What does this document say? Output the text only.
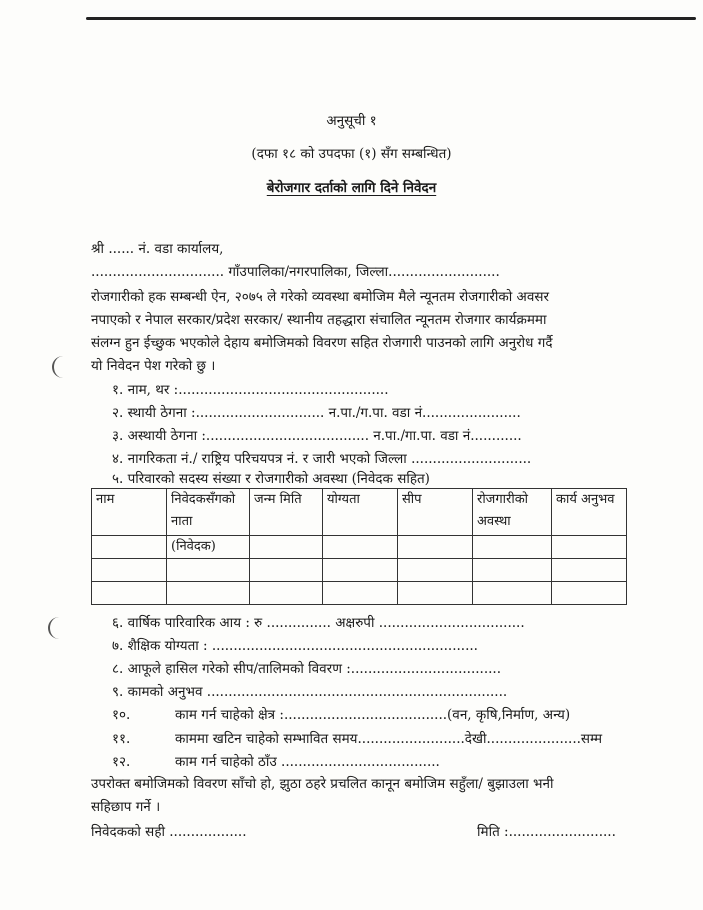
अनुसूची १
(दफा १८ को उपदफा (१) सँग सम्बन्धित)
बेरोजगार दर्ताको लागि दिने निवेदन
श्री ...... नं. वडा कार्यालय,
............................... गाँउपालिका/नगरपालिका, जिल्ला..........................
रोजगारीको हक सम्बन्धी ऐन, २०७५ ले गरेको व्यवस्था बमोजिम मैले न्यूनतम रोजगारीको अवसर
नपाएको र नेपाल सरकार/प्रदेश सरकार/ स्थानीय तहद्धारा संचालित न्यूनतम रोजगार कार्यक्रममा
संलग्न हुन ईच्छुक भएकोले देहाय बमोजिमको विवरण सहित रोजगारी पाउनको लागि अनुरोध गर्दै
यो निवेदन पेश गरेको छु ।
१. नाम, थर :.................................................
२. स्थायी ठेगना :.............................. न.पा./ग.पा. वडा नं.......................
३. अस्थायी ठेगना :...................................... न.पा./गा.पा. वडा नं............
४. नागरिकता नं./ राष्ट्रिय परिचयपत्र नं. र जारी भएको जिल्ला ............................
५. परिवारको सदस्य संख्या र रोजगारीको अवस्था (निवेदक सहित)
नाम	निवेदकसँगको नाता	जन्म मिति	योग्यता	सीप	रोजगारीको अवस्था	कार्य अनुभव
	(निवेदक)					

६. वार्षिक पारिवारिक आय : रु ............... अक्षरुपी ..................................
७. शैक्षिक योग्यता : ..............................................................
८. आफूले हासिल गरेको सीप/तालिमको विवरण :...................................
९. कामको अनुभव ......................................................................
१०.	काम गर्न चाहेको क्षेत्र :......................................(वन, कृषि,निर्माण, अन्य)
११.	काममा खटिन चाहेको सम्भावित समय.........................देखी......................सम्म
१२.	काम गर्न चाहेको ठाँउ .....................................
उपरोक्त बमोजिमको विवरण साँचो हो, झुठा ठहरे प्रचलित कानून बमोजिम सहुँला/ बुझाउला भनी
सहिछाप गर्ने ।
निवेदकको सही ..................	मिति :.........................
